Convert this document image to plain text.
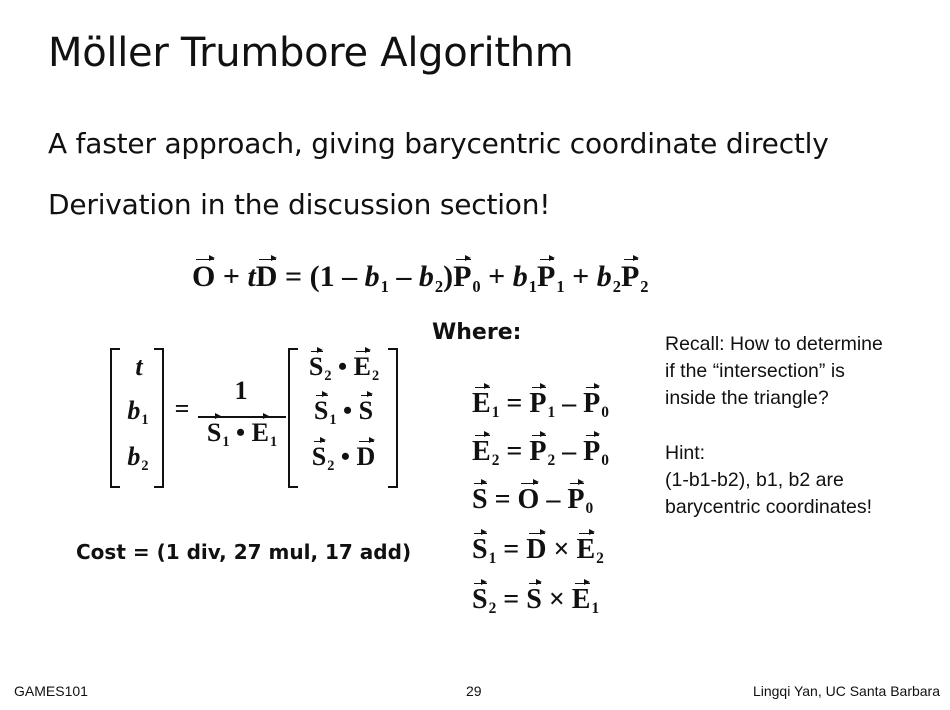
Möller Trumbore Algorithm
A faster approach, giving barycentric coordinate directly
Derivation in the discussion section!
O + tD = $(1 - b_1 - b_2)P_0 + b_1P_1 + b_2P_2$
t
$b_1$
$b_2$
=
1
$S_1$ • $E_1$
$S_2$ • $E_2$
$S_1$ • S
$S_2$ • D
Where:
$E_1 = P_1 - P_0$
$E_2 = P_2 - P_0$
$S = O - P_0$
$S_1 = D \times E_2$
$S_2 = S \times E_1$
Cost = (1 div, 27 mul, 17 add)
Recall: How to determine
if the “intersection” is
inside the triangle?
Hint:
(1-b1-b2), b1, b2 are
barycentric coordinates!
GAMES101	29	Lingqi Yan, UC Santa Barbara
